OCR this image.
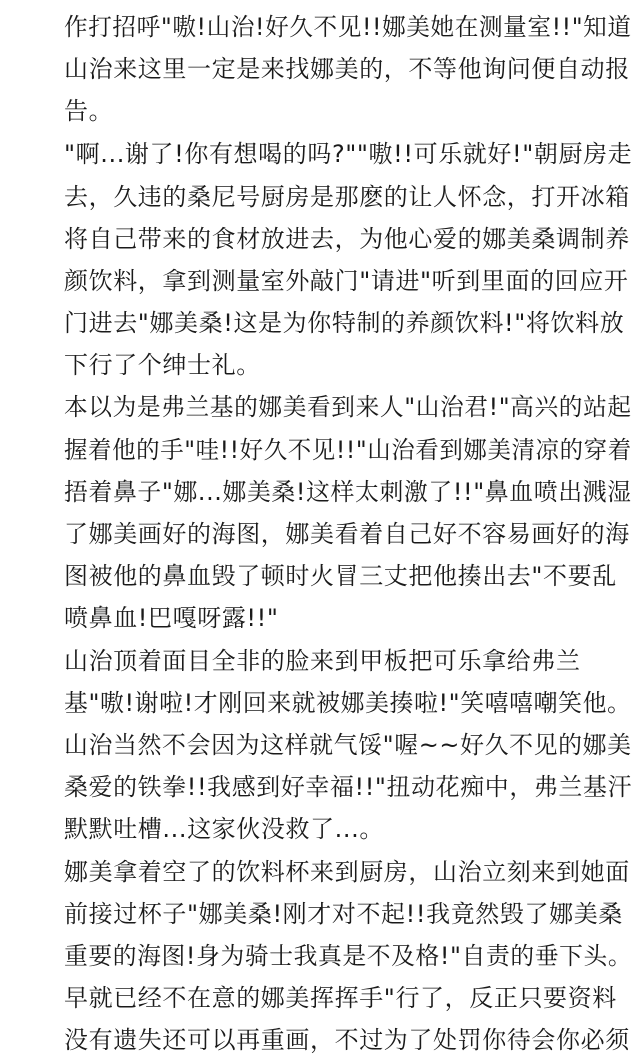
作打招呼"嗷!山治!好久不见!!娜美她在测量室!!"知道
山治来这里一定是来找娜美的，不等他询问便自动报
告。
"啊...谢了!你有想喝的吗?""嗷!!可乐就好!"朝厨房走
去，久违的桑尼号厨房是那麽的让人怀念，打开冰箱
将自己带来的食材放进去，为他心爱的娜美桑调制养
颜饮料，拿到测量室外敲门"请进"听到里面的回应开
门进去"娜美桑!这是为你特制的养颜饮料!"将饮料放
下行了个绅士礼。
本以为是弗兰基的娜美看到来人"山治君!"高兴的站起
握着他的手"哇!!好久不见!!"山治看到娜美清凉的穿着
捂着鼻子"娜...娜美桑!这样太刺激了!!"鼻血喷出溅湿
了娜美画好的海图，娜美看着自己好不容易画好的海
图被他的鼻血毁了顿时火冒三丈把他揍出去"不要乱
喷鼻血!巴嘎呀露!!"
山治顶着面目全非的脸来到甲板把可乐拿给弗兰
基"嗷!谢啦!才刚回来就被娜美揍啦!"笑嘻嘻嘲笑他。
山治当然不会因为这样就气馁"喔~~好久不见的娜美
桑爱的铁拳!!我感到好幸福!!"扭动花痴中，弗兰基汗
默默吐槽...这家伙没救了...。
娜美拿着空了的饮料杯来到厨房，山治立刻来到她面
前接过杯子"娜美桑!刚才对不起!!我竟然毁了娜美桑
重要的海图!身为骑士我真是不及格!"自责的垂下头。
早就已经不在意的娜美挥挥手"行了，反正只要资料
没有遗失还可以再重画，不过为了处罚你待会你必须
